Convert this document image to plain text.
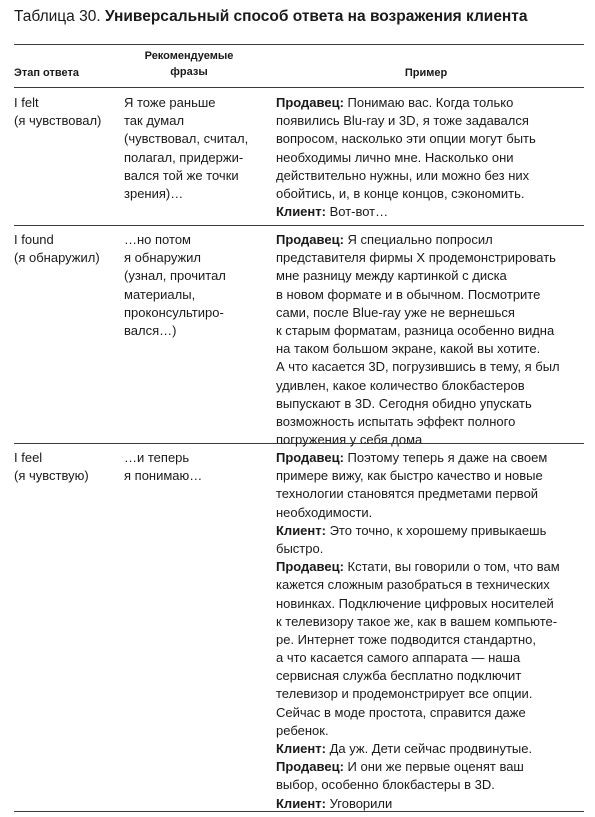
Таблица 30. Универсальный способ ответа на возражения клиента
Этап ответа
Рекомендуемые
фразы	Пример
I felt
(я чувствовал)
Я тоже раньше
так думал
(чувствовал, считал,
полагал, придержи-
вался той же точки
зрения)…
Продавец: Понимаю вас. Когда только
появились Blu-ray и 3D, я тоже задавался
вопросом, насколько эти опции могут быть
необходимы лично мне. Насколько они
действительно нужны, или можно без них
обойтись, и, в конце концов, сэкономить.
Клиент: Вот-вот…
I found
(я обнаружил)
…но потом
я обнаружил
(узнал, прочитал
материалы,
проконсультиро-
вался…)
Продавец: Я специально попросил
представителя фирмы X продемонстрировать
мне разницу между картинкой с диска
в новом формате и в обычном. Посмотрите
сами, после Blue-ray уже не вернешься
к старым форматам, разница особенно видна
на таком большом экране, какой вы хотите.
А что касается 3D, погрузившись в тему, я был
удивлен, какое количество блокбастеров
выпускают в 3D. Сегодня обидно упускать
возможность испытать эффект полного
погружения у себя дома
I feel
(я чувствую)
…и теперь
я понимаю…
Продавец: Поэтому теперь я даже на своем
примере вижу, как быстро качество и новые
технологии становятся предметами первой
необходимости.
Клиент: Это точно, к хорошему привыкаешь
быстро.
Продавец: Кстати, вы говорили о том, что вам
кажется сложным разобраться в технических
новинках. Подключение цифровых носителей
к телевизору такое же, как в вашем компьюте-
ре. Интернет тоже подводится стандартно,
а что касается самого аппарата — наша
сервисная служба бесплатно подключит
телевизор и продемонстрирует все опции.
Сейчас в моде простота, справится даже
ребенок.
Клиент: Да уж. Дети сейчас продвинутые.
Продавец: И они же первые оценят ваш
выбор, особенно блокбастеры в 3D.
Клиент: Уговорили
